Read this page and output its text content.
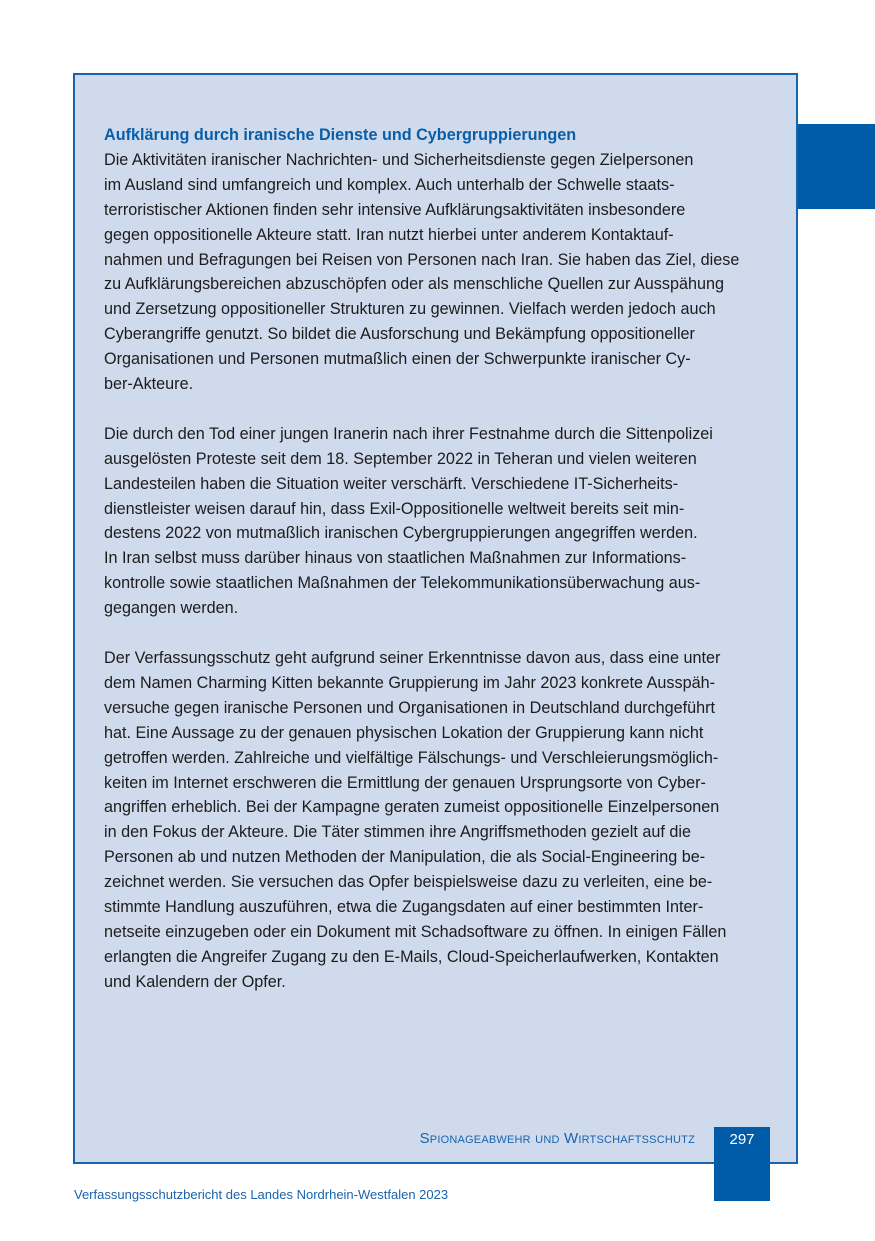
Aufklärung durch iranische Dienste und Cybergruppierungen

Die Aktivitäten iranischer Nachrichten- und Sicherheitsdienste gegen Zielpersonen
im Ausland sind umfangreich und komplex. Auch unterhalb der Schwelle staats-
terroristischer Aktionen finden sehr intensive Aufklärungsaktivitäten insbesondere
gegen oppositionelle Akteure statt. Iran nutzt hierbei unter anderem Kontaktauf-
nahmen und Befragungen bei Reisen von Personen nach Iran. Sie haben das Ziel, diese
zu Aufklärungsbereichen abzuschöpfen oder als menschliche Quellen zur Ausspähung
und Zersetzung oppositioneller Strukturen zu gewinnen. Vielfach werden jedoch auch
Cyberangriffe genutzt. So bildet die Ausforschung und Bekämpfung oppositioneller
Organisationen und Personen mutmaßlich einen der Schwerpunkte iranischer Cy-
ber-Akteure.
Die durch den Tod einer jungen Iranerin nach ihrer Festnahme durch die Sittenpolizei
ausgelösten Proteste seit dem 18. September 2022 in Teheran und vielen weiteren
Landesteilen haben die Situation weiter verschärft. Verschiedene IT-Sicherheits-
dienstleister weisen darauf hin, dass Exil-Oppositionelle weltweit bereits seit min-
destens 2022 von mutmaßlich iranischen Cybergruppierungen angegriffen werden.
In Iran selbst muss darüber hinaus von staatlichen Maßnahmen zur Informations-
kontrolle sowie staatlichen Maßnahmen der Telekommunikationsüberwachung aus-
gegangen werden.
Der Verfassungsschutz geht aufgrund seiner Erkenntnisse davon aus, dass eine unter
dem Namen Charming Kitten bekannte Gruppierung im Jahr 2023 konkrete Ausspäh-
versuche gegen iranische Personen und Organisationen in Deutschland durchgeführt
hat. Eine Aussage zu der genauen physischen Lokation der Gruppierung kann nicht
getroffen werden. Zahlreiche und vielfältige Fälschungs- und Verschleierungsmöglich-
keiten im Internet erschweren die Ermittlung der genauen Ursprungsorte von Cyber-
angriffen erheblich. Bei der Kampagne geraten zumeist oppositionelle Einzelpersonen
in den Fokus der Akteure. Die Täter stimmen ihre Angriffsmethoden gezielt auf die
Personen ab und nutzen Methoden der Manipulation, die als Social-Engineering be-
zeichnet werden. Sie versuchen das Opfer beispielsweise dazu zu verleiten, eine be-
stimmte Handlung auszuführen, etwa die Zugangsdaten auf einer bestimmten Inter-
netseite einzugeben oder ein Dokument mit Schadsoftware zu öffnen. In einigen Fällen
erlangten die Angreifer Zugang zu den E-Mails, Cloud-Speicherlaufwerken, Kontakten
und Kalendern der Opfer.
Spionageabwehr und Wirtschaftsschutz	297
Verfassungsschutzbericht des Landes Nordrhein-Westfalen 2023
